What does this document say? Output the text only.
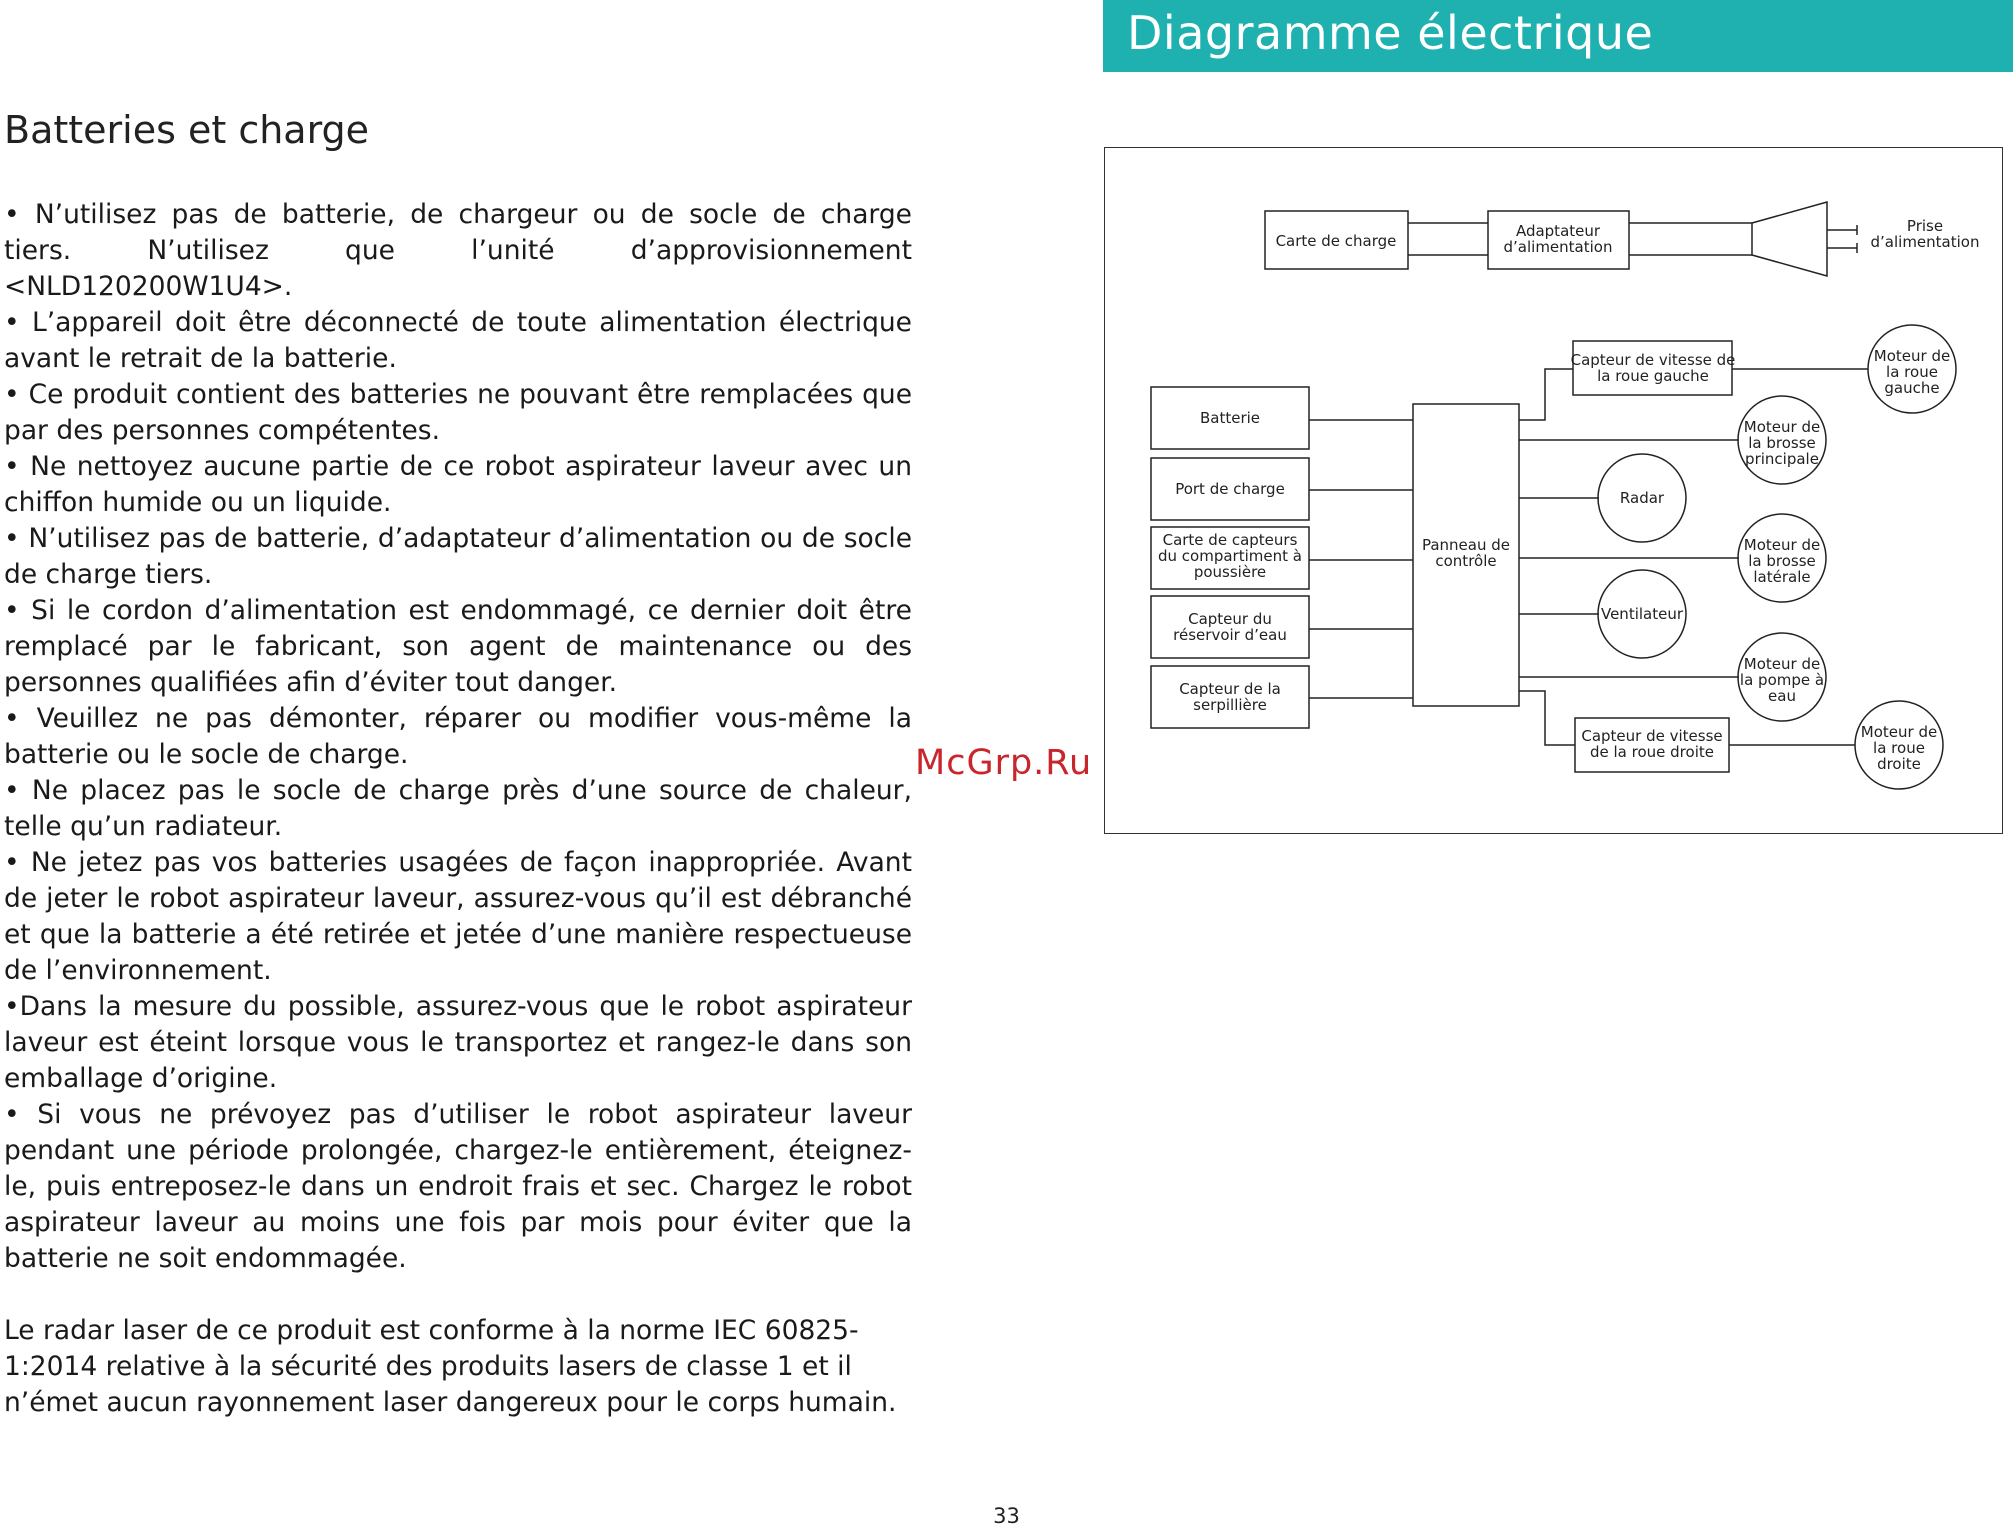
Diagramme électrique
Batteries et charge

• N’utilisez pas de batterie, de chargeur ou de socle de charge tiers. N’utilisez que l’unité d’approvisionnement <NLD120200W1U4>.

• L’appareil doit être déconnecté de toute alimentation électrique avant le retrait de la batterie.

• Ce produit contient des batteries ne pouvant être remplacées que par des personnes compétentes.

• Ne nettoyez aucune partie de ce robot aspirateur laveur avec un chiffon humide ou un liquide.

• N’utilisez pas de batterie, d’adaptateur d’alimentation ou de socle de charge tiers.

• Si le cordon d’alimentation est endommagé, ce dernier doit être remplacé par le fabricant, son agent de maintenance ou des personnes qualifiées afin d’éviter tout danger.

• Veuillez ne pas démonter, réparer ou modifier vous-même la batterie ou le socle de charge.

• Ne placez pas le socle de charge près d’une source de chaleur, telle qu’un radiateur.

• Ne jetez pas vos batteries usagées de façon inappropriée. Avant de jeter le robot aspirateur laveur, assurez-vous qu’il est débranché et que la batterie a été retirée et jetée d’une manière respectueuse de l’environnement.

•Dans la mesure du possible, assurez-vous que le robot aspirateur laveur est éteint lorsque vous le transportez et rangez-le dans son emballage d’origine.

• Si vous ne prévoyez pas d’utiliser le robot aspirateur laveur pendant une période prolongée, chargez-le entièrement, éteignez-le, puis entreposez-le dans un endroit frais et sec. Chargez le robot aspirateur laveur au moins une fois par mois pour éviter que la batterie ne soit endommagée.

Le radar laser de ce produit est conforme à la norme IEC 60825-1:2014 relative à la sécurité des produits lasers de classe 1 et il n’émet aucun rayonnement laser dangereux pour le corps humain.

McGrp.Ru
Carte de charge
Adaptateur
d’alimentation
Prise
d’alimentation
Batterie
Port de charge
Carte de capteurs
du compartiment à
poussière
Capteur du
réservoir d’eau
Capteur de la
serpillière
Panneau de
contrôle
Capteur de vitesse de
la roue gauche
Moteur de
la roue
gauche
Moteur de
la brosse
principale
Radar
Moteur de
la brosse
latérale
Ventilateur
Moteur de
la pompe à
eau
Capteur de vitesse
de la roue droite
Moteur de
la roue
droite
33
